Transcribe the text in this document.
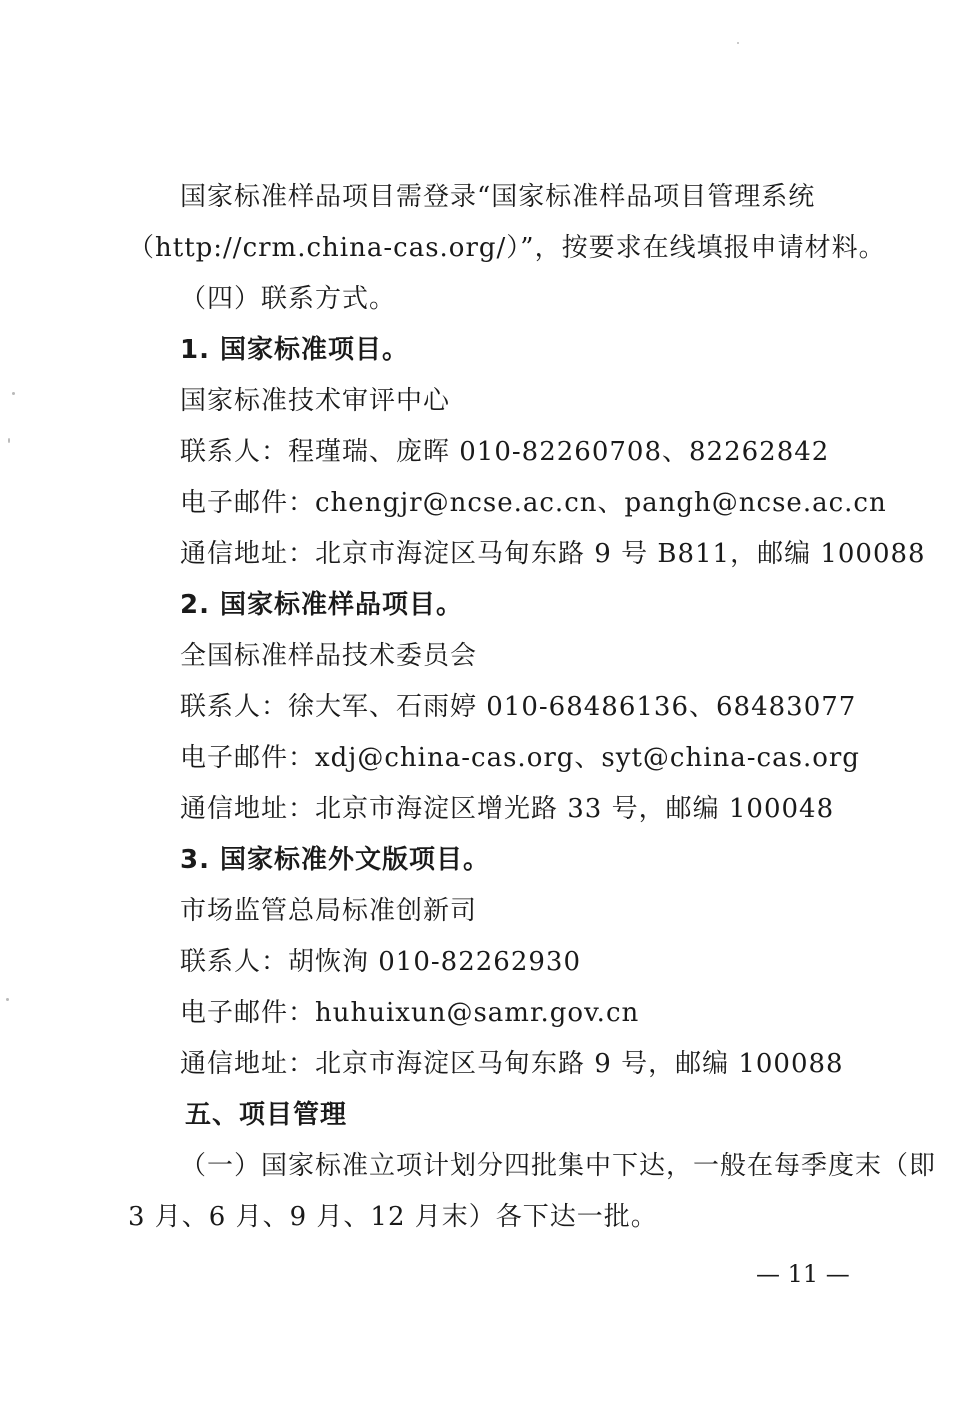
国家标准样品项目需登录“国家标准样品项目管理系统
（http://crm.china-cas.org/）”，按要求在线填报申请材料。
（四）联系方式。
1. 国家标准项目。
国家标准技术审评中心
联系人：程瑾瑞、庞晖 010-82260708、82262842
电子邮件：chengjr@ncse.ac.cn、pangh@ncse.ac.cn
通信地址：北京市海淀区马甸东路 9 号 B811，邮编 100088
2. 国家标准样品项目。
全国标准样品技术委员会
联系人：徐大军、石雨婷 010-68486136、68483077
电子邮件：xdj@china-cas.org、syt@china-cas.org
通信地址：北京市海淀区增光路 33 号，邮编 100048
3. 国家标准外文版项目。
市场监管总局标准创新司
联系人：胡恢洵 010-82262930
电子邮件：huhuixun@samr.gov.cn
通信地址：北京市海淀区马甸东路 9 号，邮编 100088
五、项目管理
（一）国家标准立项计划分四批集中下达，一般在每季度末（即
3 月、6 月、9 月、12 月末）各下达一批。
— 11 —
